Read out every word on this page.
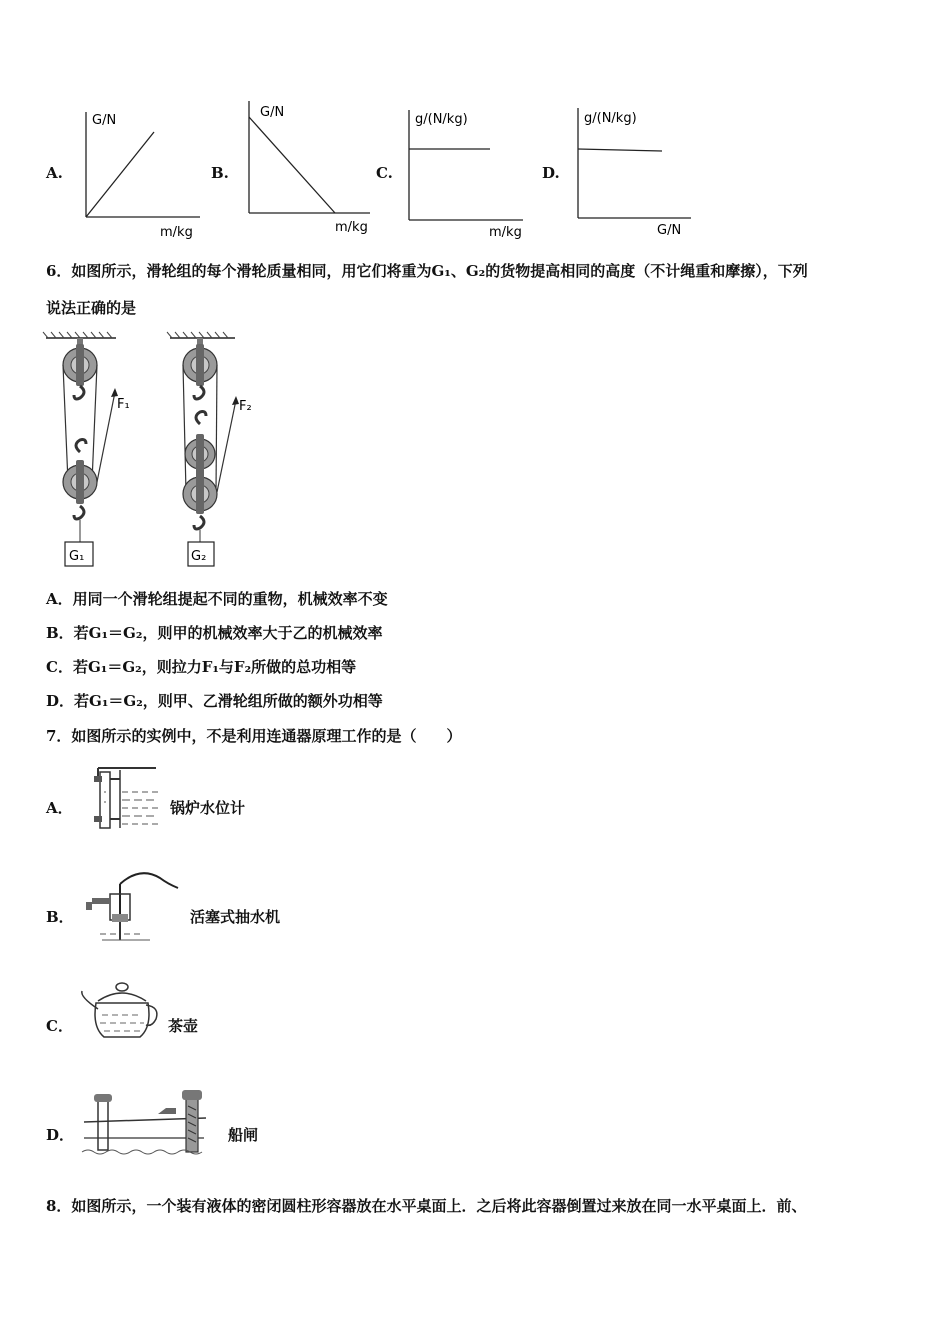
A.
G/N
m/kg
B.
G/N
m/kg
C.
g/(N/kg)
m/kg
D.
g/(N/kg)
G/N
6．如图所示，滑轮组的每个滑轮质量相同，用它们将重为G₁、G₂的货物提高相同的高度（不计绳重和摩擦），下列
说法正确的是
F₁
G₁
F₂
G₂
A．用同一个滑轮组提起不同的重物，机械效率不变
B．若G₁＝G₂，则甲的机械效率大于乙的机械效率
C．若G₁＝G₂，则拉力F₁与F₂所做的总功相等
D．若G₁＝G₂，则甲、乙滑轮组所做的额外功相等
7．如图所示的实例中，不是利用连通器原理工作的是（　　）
A．	锅炉水位计
B．	活塞式抽水机
C．	茶壶
D．	船闸
8．如图所示，一个装有液体的密闭圆柱形容器放在水平桌面上．之后将此容器倒置过来放在同一水平桌面上．前、
